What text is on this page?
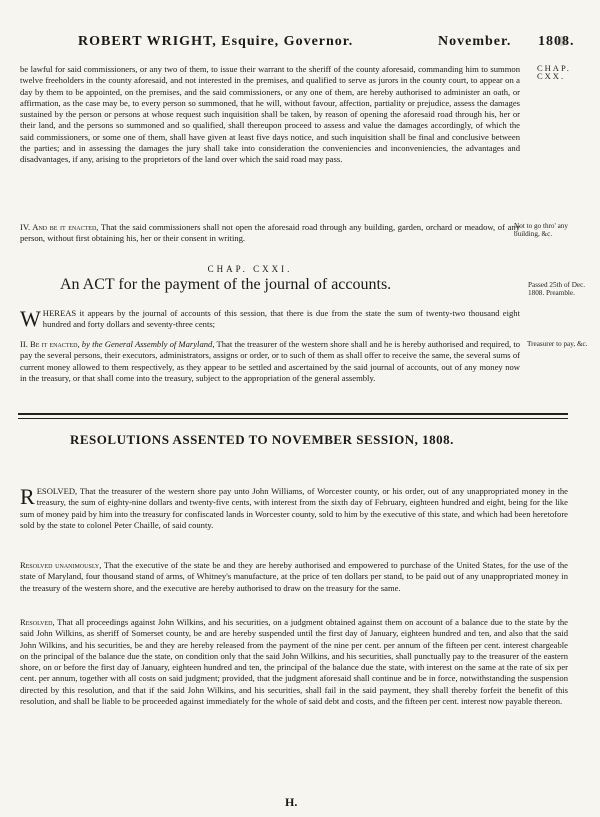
ROBERT WRIGHT, Esquire, Governor.	November. 1808.
CHAP. CXX.
be lawful for said commissioners, or any two of them, to issue their warrant to the sheriff of the county aforesaid, commanding him to summon twelve freeholders in the county aforesaid, and not interested in the premises, and qualified to serve as jurors in the county court, to appear on a day by them to be appointed, on the premises, and the said commissioners, or any one of them, are hereby authorised to administer an oath, or affirmation, as the case may be, to every person so summoned, that he will, without favour, affection, partiality or prejudice, assess the damages sustained by the person or persons at whose request such inquisition shall be taken, by reason of opening the aforesaid road through his, her or their land, and the persons so summoned and so qualified, shall thereupon proceed to assess and value the damages accordingly, of which the said commissioners, or some one of them, shall have given at least five days notice, and such inquisition shall be final and conclusive between the parties; and in assessing the damages the jury shall take into consideration the conveniencies and inconveniencies, the advantages and disadvantages, if any, arising to the proprietors of the land over which the said road may pass.
IV. And be it enacted, That the said commissioners shall not open the aforesaid road through any building, garden, orchard or meadow, of any person, without first obtaining his, her or their consent in writing.
Not to go thro' any building, &c.
CHAP. CXXI.
An ACT for the payment of the journal of accounts.	Passed 25th of Dec. 1808. Preamble.
W HEREAS it appears by the journal of accounts of this session, that there is due from the state the sum of twenty-two thousand eight hundred and forty dollars and seventy-three cents;
II. Be it enacted, by the General Assembly of Maryland, That the treasurer of the western shore shall and he is hereby authorised and required, to pay the several persons, their executors, administrators, assigns or order, or to such of them as shall offer to receive the same, the several sums of current money allowed to them respectively, as they appear to be settled and ascertained by the said journal of accounts, out of any money now in the treasury, or that shall come into the treasury, subject to the appropriation of the general assembly.
Treasurer to pay, &c.
RESOLUTIONS ASSENTED TO NOVEMBER SESSION, 1808.
R ESOLVED, That the treasurer of the western shore pay unto John Williams, of Worcester county, or his order, out of any unappropriated money in the treasury, the sum of eighty-nine dollars and twenty-five cents, with interest from the sixth day of February, eighteen hundred and eight, being for the like sum of money paid by him into the treasury for confiscated lands in Worcester county, sold to him by the executive of this state, and which had been heretofore sold by the state to colonel Peter Chaille, of said county.
Resolved unanimously, That the executive of the state be and they are hereby authorised and empowered to purchase of the United States, for the use of the state of Maryland, four thousand stand of arms, of Whitney's manufacture, at the price of ten dollars per stand, to be paid out of any unappropriated money in the treasury of the western shore, and the executive are hereby authorised to draw on the treasury for the same.
Resolved, That all proceedings against John Wilkins, and his securities, on a judgment obtained against them on account of a balance due to the state by the said John Wilkins, as sheriff of Somerset county, be and are hereby suspended until the first day of January, eighteen hundred and ten, and also that the said John Wilkins, and his securities, be and they are hereby released from the payment of the nine per cent. per annum of the fifteen per cent. interest chargeable on the principal of the balance due the state, on condition only that the said John Wilkins, and his securities, shall punctually pay to the treasurer of the eastern shore, on or before the first day of January, eighteen hundred and ten, the principal of the balance due the state, with interest on the same at the rate of six per cent. per annum, together with all costs on said judgment; provided, that the judgment aforesaid shall continue and be in force, notwithstanding the suspension directed by this resolution, and that if the said John Wilkins, and his securities, shall fail in the said payment, they shall thereby forfeit the benefit of this resolution, and shall be liable to be proceeded against immediately for the whole of said debt and costs, and the fifteen per cent. interest now payable thereon.
H.
